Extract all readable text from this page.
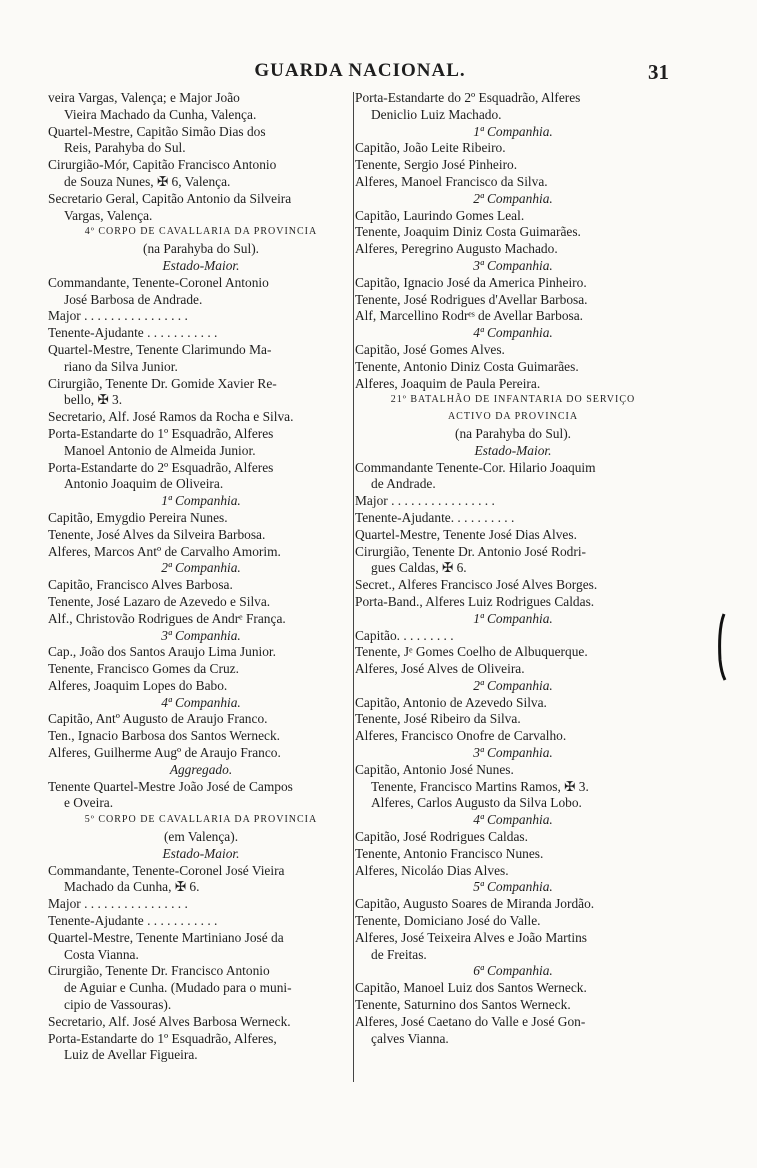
GUARDA NACIONAL.	31
veira Vargas, Valença; e Major João
Vieira Machado da Cunha, Valença.
Quartel-Mestre, Capitão Simão Dias dos
Reis, Parahyba do Sul.
Cirurgião-Mór, Capitão Francisco Antonio
de Souza Nunes, ✠ 6, Valença.
Secretario Geral, Capitão Antonio da Silveira
Vargas, Valença.
4º CORPO DE CAVALLARIA DA PROVINCIA
(na Parahyba do Sul).
Estado-Maior.
Commandante, Tenente-Coronel Antonio
José Barbosa de Andrade.
Major . . . . . . . . . . . . . . . .
Tenente-Ajudante . . . . . . . . . . .
Quartel-Mestre, Tenente Clarimundo Ma-
riano da Silva Junior.
Cirurgião, Tenente Dr. Gomide Xavier Re-
bello, ✠ 3.
Secretario, Alf. José Ramos da Rocha e Silva.
Porta-Estandarte do 1º Esquadrão, Alferes
Manoel Antonio de Almeida Junior.
Porta-Estandarte do 2º Esquadrão, Alferes
Antonio Joaquim de Oliveira.
1ª Companhia.
Capitão, Emygdio Pereira Nunes.
Tenente, José Alves da Silveira Barbosa.
Alferes, Marcos Antº de Carvalho Amorim.
2ª Companhia.
Capitão, Francisco Alves Barbosa.
Tenente, José Lazaro de Azevedo e Silva.
Alf., Christovão Rodrigues de Andrᵉ França.
3ª Companhia.
Cap., João dos Santos Araujo Lima Junior.
Tenente, Francisco Gomes da Cruz.
Alferes, Joaquim Lopes do Babo.
4ª Companhia.
Capitão, Antº Augusto de Araujo Franco.
Ten., Ignacio Barbosa dos Santos Werneck.
Alferes, Guilherme Augº de Araujo Franco.
Aggregado.
Tenente Quartel-Mestre João José de Campos
e Oveira.
5º CORPO DE CAVALLARIA DA PROVINCIA
(em Valença).
Estado-Maior.
Commandante, Tenente-Coronel José Vieira
Machado da Cunha, ✠ 6.
Major . . . . . . . . . . . . . . . .
Tenente-Ajudante . . . . . . . . . . .
Quartel-Mestre, Tenente Martiniano José da
Costa Vianna.
Cirurgião, Tenente Dr. Francisco Antonio
de Aguiar e Cunha. (Mudado para o muni-
cipio de Vassouras).
Secretario, Alf. José Alves Barbosa Werneck.
Porta-Estandarte do 1º Esquadrão, Alferes,
Luiz de Avellar Figueira.
Porta-Estandarte do 2º Esquadrão, Alferes
Deniclio Luiz Machado.
1ª Companhia.
Capitão, João Leite Ribeiro.
Tenente, Sergio José Pinheiro.
Alferes, Manoel Francisco da Silva.
2ª Companhia.
Capitão, Laurindo Gomes Leal.
Tenente, Joaquim Diniz Costa Guimarães.
Alferes, Peregrino Augusto Machado.
3ª Companhia.
Capitão, Ignacio José da America Pinheiro.
Tenente, José Rodrigues d'Avellar Barbosa.
Alf, Marcellino Rodrᵉˢ de Avellar Barbosa.
4ª Companhia.
Capitão, José Gomes Alves.
Tenente, Antonio Diniz Costa Guimarães.
Alferes, Joaquim de Paula Pereira.
21º BATALHÃO DE INFANTARIA DO SERVIÇO
ACTIVO DA PROVINCIA
(na Parahyba do Sul).
Estado-Maior.
Commandante Tenente-Cor. Hilario Joaquim
de Andrade.
Major . . . . . . . . . . . . . . . .
Tenente-Ajudante. . . . . . . . . .
Quartel-Mestre, Tenente José Dias Alves.
Cirurgião, Tenente Dr. Antonio José Rodri-
gues Caldas, ✠ 6.
Secret., Alferes Francisco José Alves Borges.
Porta-Band., Alferes Luiz Rodrigues Caldas.
1ª Companhia.
Capitão. . . . . . . . .
Tenente, Jᵉ Gomes Coelho de Albuquerque.
Alferes, José Alves de Oliveira.
2ª Companhia.
Capitão, Antonio de Azevedo Silva.
Tenente, José Ribeiro da Silva.
Alferes, Francisco Onofre de Carvalho.
3ª Companhia.
Capitão, Antonio José Nunes.
Tenente, Francisco Martins Ramos, ✠ 3.
Alferes, Carlos Augusto da Silva Lobo.
4ª Companhia.
Capitão, José Rodrigues Caldas.
Tenente, Antonio Francisco Nunes.
Alferes, Nicoláo Dias Alves.
5ª Companhia.
Capitão, Augusto Soares de Miranda Jordão.
Tenente, Domiciano José do Valle.
Alferes, José Teixeira Alves e João Martins
de Freitas.
6ª Companhia.
Capitão, Manoel Luiz dos Santos Werneck.
Tenente, Saturnino dos Santos Werneck.
Alferes, José Caetano do Valle e José Gon-
çalves Vianna.
